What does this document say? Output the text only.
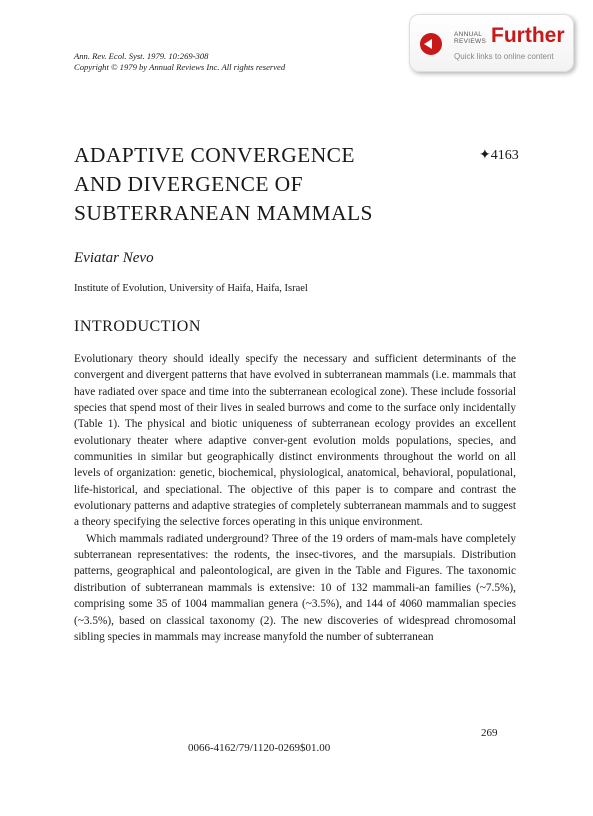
Ann. Rev. Ecol. Syst. 1979. 10:269-308
Copyright © 1979 by Annual Reviews Inc. All rights reserved
ANNUAL
REVIEWS Further
Quick links to online content
ADAPTIVE CONVERGENCE
AND DIVERGENCE OF
SUBTERRANEAN MAMMALS
✦4163
Eviatar Nevo
Institute of Evolution, University of Haifa, Haifa, Israel
INTRODUCTION

Evolutionary theory should ideally specify the necessary and sufficient determinants of the convergent and divergent patterns that have evolved in subterranean mammals (i.e. mammals that have radiated over space and time into the subterranean ecological zone). These include fossorial species that spend most of their lives in sealed burrows and come to the surface only incidentally (Table 1). The physical and biotic uniqueness of subterranean ecology provides an excellent evolutionary theater where adaptive conver-gent evolution molds populations, species, and communities in similar but geographically distinct environments throughout the world on all levels of organization: genetic, biochemical, physiological, anatomical, behavioral, populational, life-historical, and speciational. The objective of this paper is to compare and contrast the evolutionary patterns and adaptive strategies of completely subterranean mammals and to suggest a theory specifying the selective forces operating in this unique environment.

Which mammals radiated underground? Three of the 19 orders of mam-mals have completely subterranean representatives: the rodents, the insec-tivores, and the marsupials. Distribution patterns, geographical and paleontological, are given in the Table and Figures. The taxonomic distribution of subterranean mammals is extensive: 10 of 132 mammali-an families (~7.5%), comprising some 35 of 1004 mammalian genera (~3.5%), and 144 of 4060 mammalian species (~3.5%), based on classical taxonomy (2). The new discoveries of widespread chromosomal sibling species in mammals may increase manyfold the number of subterranean

269
0066-4162/79/1120-0269$01.00
